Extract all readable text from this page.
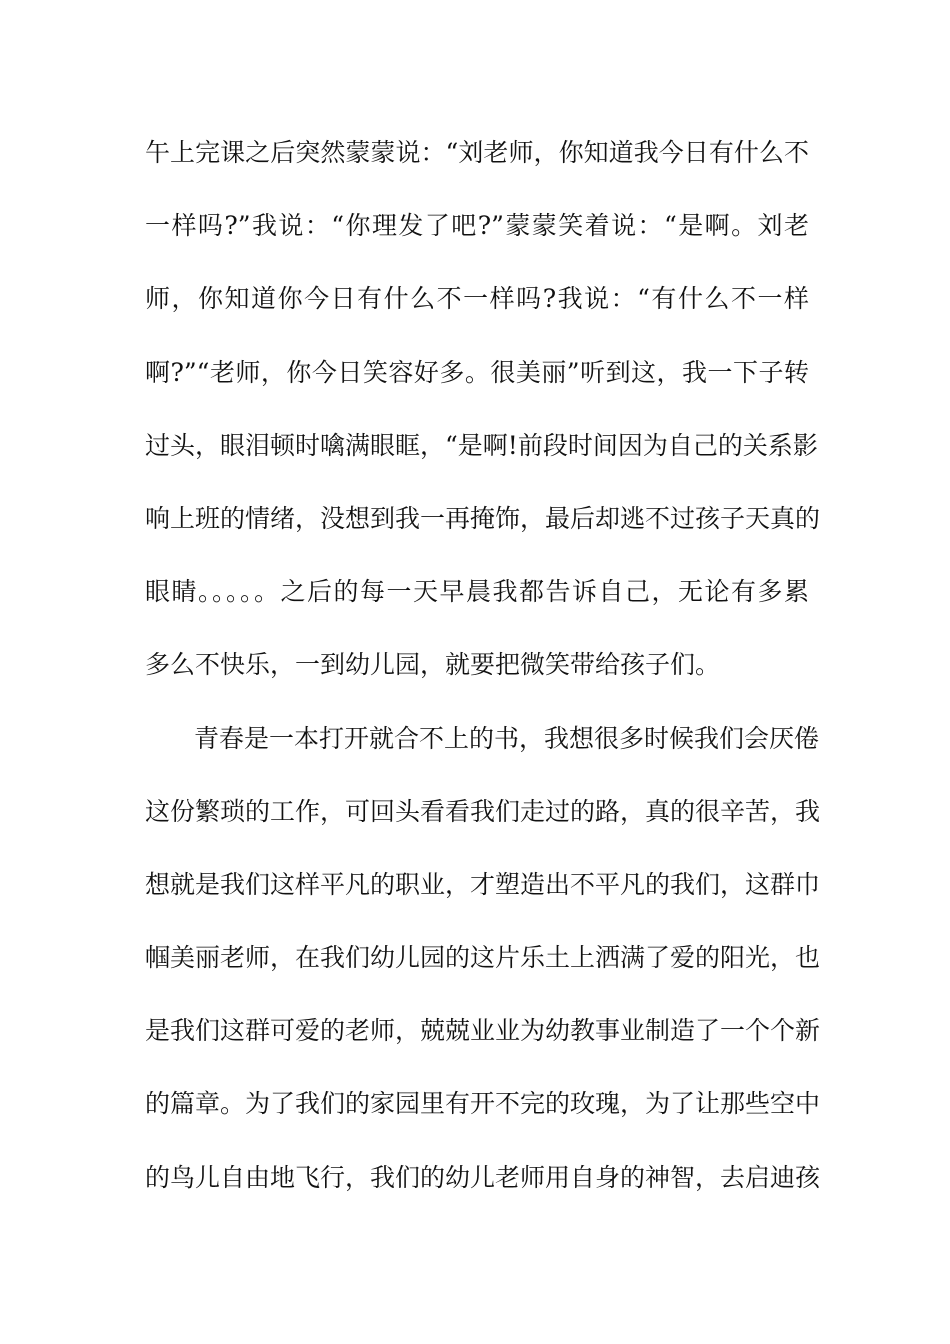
午上完课之后突然蒙蒙说：“刘老师，你知道我今日有什么不
一样吗?”我说：“你理发了吧?”蒙蒙笑着说：“是啊。刘老
师，你知道你今日有什么不一样吗?我说：“有什么不一样
啊?”“老师，你今日笑容好多。很美丽”听到这，我一下子转
过头，眼泪顿时噙满眼眶，“是啊!前段时间因为自己的关系影
响上班的情绪，没想到我一再掩饰，最后却逃不过孩子天真的
眼睛。。。。。之后的每一天早晨我都告诉自己，无论有多累
多么不快乐，一到幼儿园，就要把微笑带给孩子们。
青春是一本打开就合不上的书，我想很多时候我们会厌倦
这份繁琐的工作，可回头看看我们走过的路，真的很辛苦，我
想就是我们这样平凡的职业，才塑造出不平凡的我们，这群巾
帼美丽老师，在我们幼儿园的这片乐土上洒满了爱的阳光，也
是我们这群可爱的老师，兢兢业业为幼教事业制造了一个个新
的篇章。为了我们的家园里有开不完的玫瑰，为了让那些空中
的鸟儿自由地飞行，我们的幼儿老师用自身的神智，去启迪孩
